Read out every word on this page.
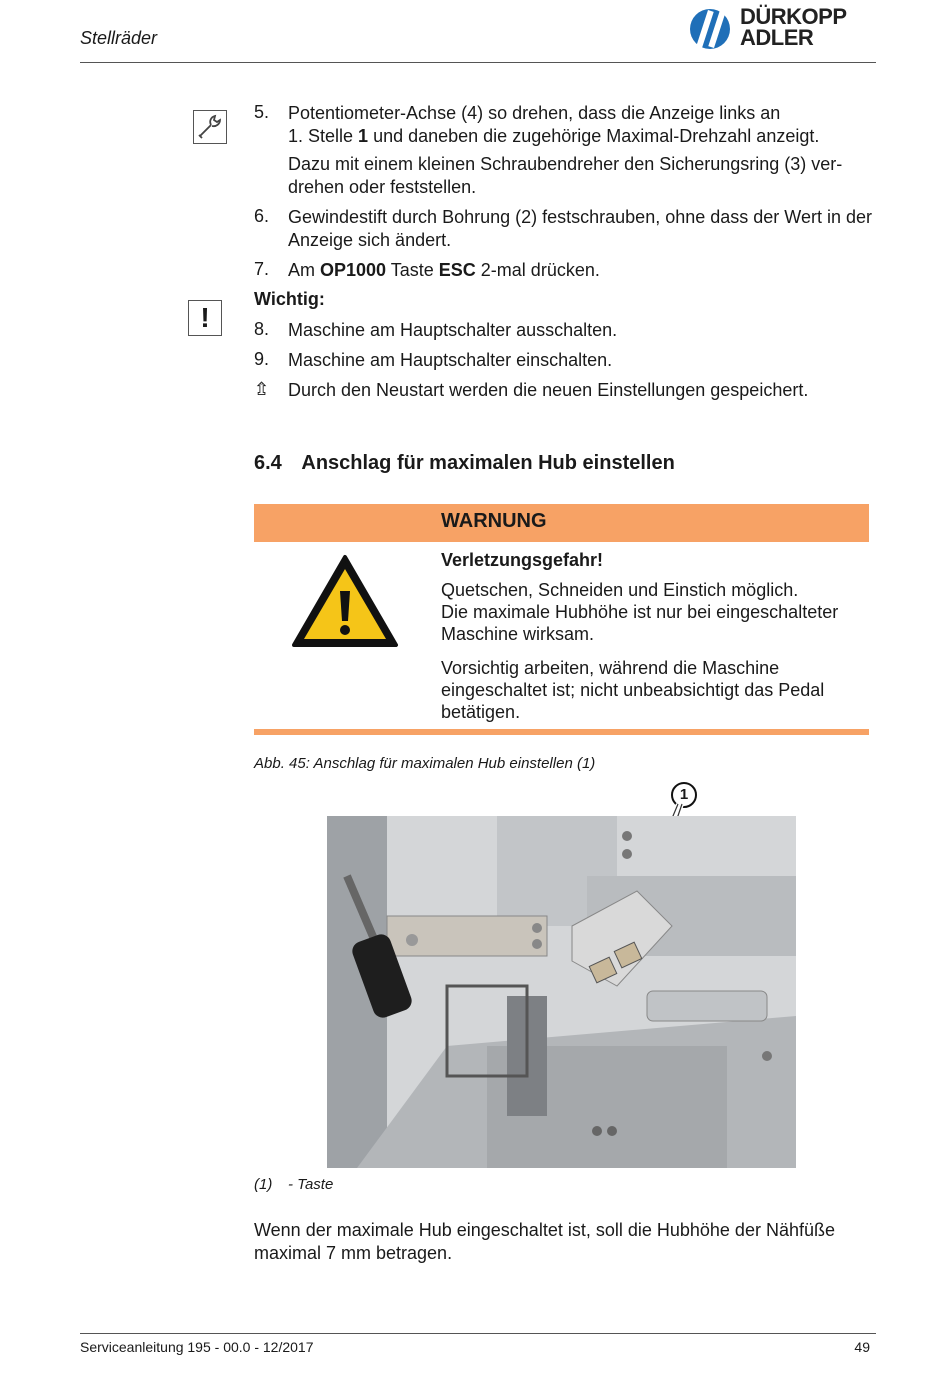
Stellräder
DÜRKOPP
ADLER
5. Potentiometer-Achse (4) so drehen, dass die Anzeige links an
1. Stelle 1 und daneben die zugehörige Maximal-Drehzahl anzeigt.
Dazu mit einem kleinen Schraubendreher den Sicherungsring (3) ver-drehen oder feststellen.
6. Gewindestift durch Bohrung (2) festschrauben, ohne dass der Wert in der Anzeige sich ändert.
7. Am OP1000 Taste ESC 2-mal drücken.
!
Wichtig:
8. Maschine am Hauptschalter ausschalten.
9. Maschine am Hauptschalter einschalten.
⇬ Durch den Neustart werden die neuen Einstellungen gespeichert.
6.4 Anschlag für maximalen Hub einstellen
WARNUNG
Verletzungsgefahr!
Quetschen, Schneiden und Einstich möglich.
Die maximale Hubhöhe ist nur bei eingeschalteter Maschine wirksam.
Vorsichtig arbeiten, während die Maschine eingeschaltet ist; nicht unbeabsichtigt das Pedal betätigen.
Abb. 45: Anschlag für maximalen Hub einstellen (1)
1
(1) - Taste
Wenn der maximale Hub eingeschaltet ist, soll die Hubhöhe der Nähfüße maximal 7 mm betragen.
Serviceanleitung 195 - 00.0 - 12/2017	49
